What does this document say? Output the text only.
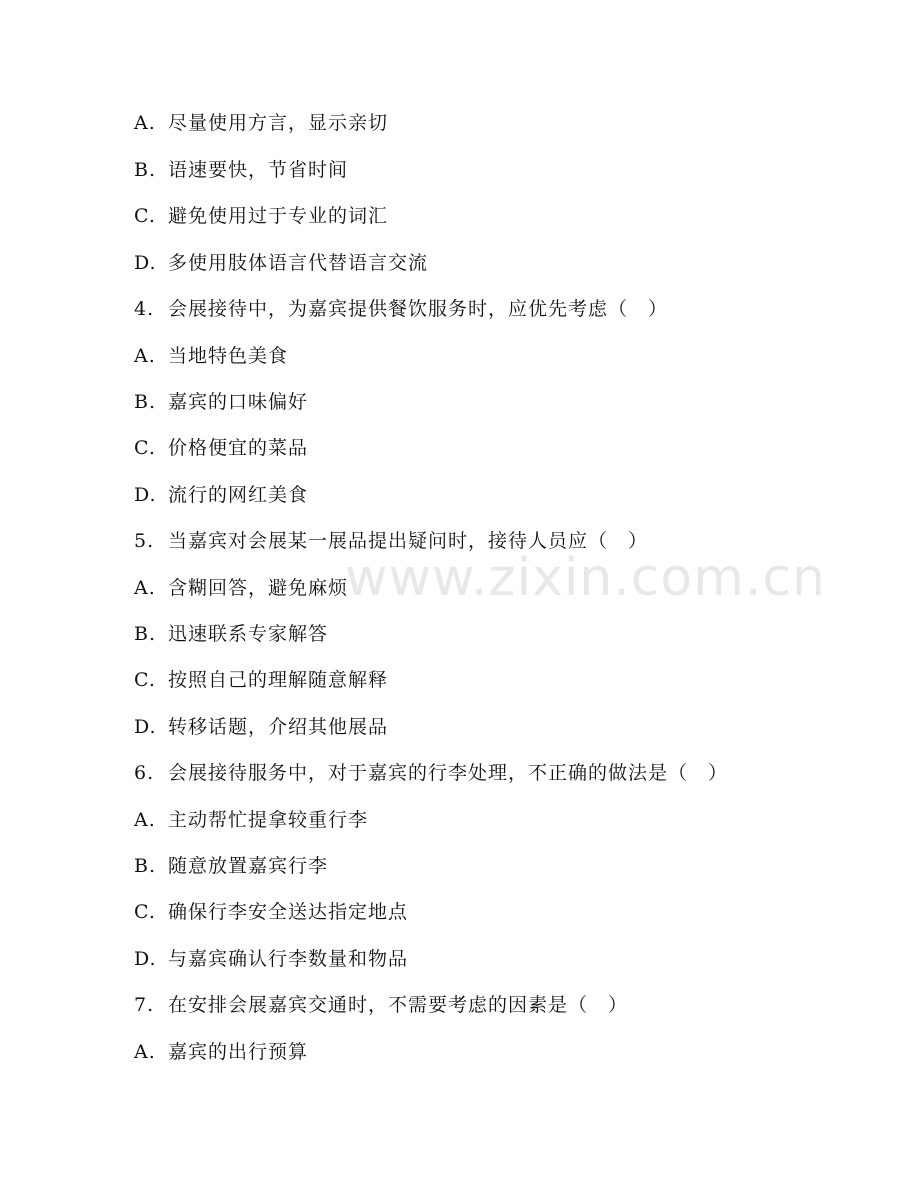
www.zixin.com.cn
A. 尽量使用方言，显示亲切
B. 语速要快，节省时间
C. 避免使用过于专业的词汇
D. 多使用肢体语言代替语言交流
4. 会展接待中，为嘉宾提供餐饮服务时，应优先考虑（　）
A. 当地特色美食
B. 嘉宾的口味偏好
C. 价格便宜的菜品
D. 流行的网红美食
5. 当嘉宾对会展某一展品提出疑问时，接待人员应（　）
A. 含糊回答，避免麻烦
B. 迅速联系专家解答
C. 按照自己的理解随意解释
D. 转移话题，介绍其他展品
6. 会展接待服务中，对于嘉宾的行李处理，不正确的做法是（　）
A. 主动帮忙提拿较重行李
B. 随意放置嘉宾行李
C. 确保行李安全送达指定地点
D. 与嘉宾确认行李数量和物品
7. 在安排会展嘉宾交通时，不需要考虑的因素是（　）
A. 嘉宾的出行预算
